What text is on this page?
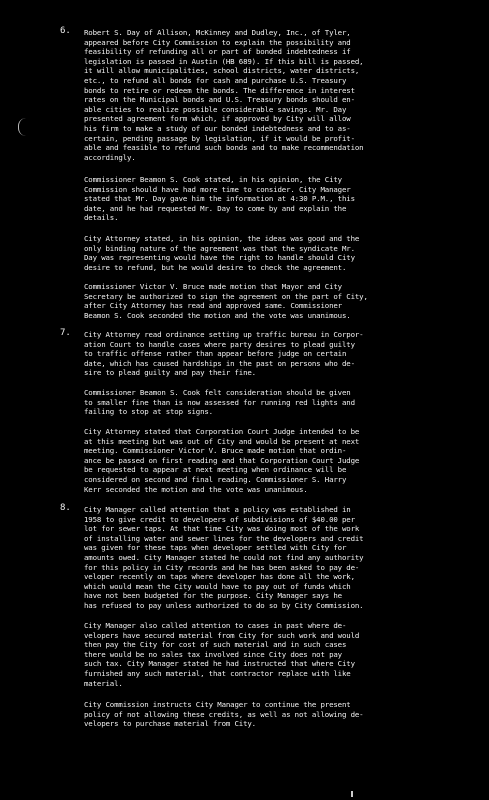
6. Robert S. Day of Allison, McKinney and Dudley, Inc., of Tyler,
appeared before City Commission to explain the possibility and
feasibility of refunding all or part of bonded indebtedness if
legislation is passed in Austin (HB 689). If this bill is passed,
it will allow municipalities, school districts, water districts,
etc., to refund all bonds for cash and purchase U.S. Treasury
bonds to retire or redeem the bonds. The difference in interest
rates on the Municipal bonds and U.S. Treasury bonds should en-
able cities to realize possible considerable savings. Mr. Day
presented agreement form which, if approved by City will allow
his firm to make a study of our bonded indebtedness and to as-
certain, pending passage by legislation, if it would be profit-
able and feasible to refund such bonds and to make recommendation
accordingly.
Commissioner Beamon S. Cook stated, in his opinion, the City
Commission should have had more time to consider. City Manager
stated that Mr. Day gave him the information at 4:30 P.M., this
date, and he had requested Mr. Day to come by and explain the
details.
City Attorney stated, in his opinion, the ideas was good and the
only binding nature of the agreement was that the syndicate Mr.
Day was representing would have the right to handle should City
desire to refund, but he would desire to check the agreement.
Commissioner Victor V. Bruce made motion that Mayor and City
Secretary be authorized to sign the agreement on the part of City,
after City Attorney has read and approved same. Commissioner
Beamon S. Cook seconded the motion and the vote was unanimous.
7. City Attorney read ordinance setting up traffic bureau in Corpor-
ation Court to handle cases where party desires to plead guilty
to traffic offense rather than appear before judge on certain
date, which has caused hardships in the past on persons who de-
sire to plead guilty and pay their fine.
Commissioner Beamon S. Cook felt consideration should be given
to smaller fine than is now assessed for running red lights and
failing to stop at stop signs.
City Attorney stated that Corporation Court Judge intended to be
at this meeting but was out of City and would be present at next
meeting. Commissioner Victor V. Bruce made motion that ordin-
ance be passed on first reading and that Corporation Court Judge
be requested to appear at next meeting when ordinance will be
considered on second and final reading. Commissioner S. Harry
Kerr seconded the motion and the vote was unanimous.
8. City Manager called attention that a policy was established in
1958 to give credit to developers of subdivisions of $40.00 per
lot for sewer taps. At that time City was doing most of the work
of installing water and sewer lines for the developers and credit
was given for these taps when developer settled with City for
amounts owed. City Manager stated he could not find any authority
for this policy in City records and he has been asked to pay de-
veloper recently on taps where developer has done all the work,
which would mean the City would have to pay out of funds which
have not been budgeted for the purpose. City Manager says he
has refused to pay unless authorized to do so by City Commission.
City Manager also called attention to cases in past where de-
velopers have secured material from City for such work and would
then pay the City for cost of such material and in such cases
there would be no sales tax involved since City does not pay
such tax. City Manager stated he had instructed that where City
furnished any such material, that contractor replace with like
material.
City Commission instructs City Manager to continue the present
policy of not allowing these credits, as well as not allowing de-
velopers to purchase material from City.
